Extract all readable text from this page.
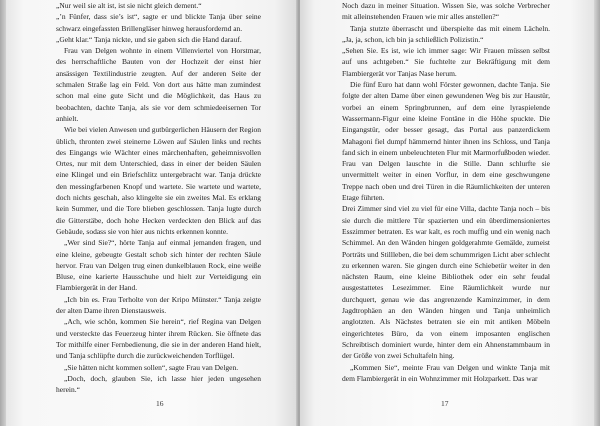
„Nur weil sie alt ist, ist sie nicht gleich dement.“

„’n Fünfer, dass sie’s ist“, sagte er und blickte Tanja über seine schwarz eingefassten Brillengläser hinweg herausfordernd an.

„Geht klar.“ Tanja nickte, und sie gaben sich die Hand darauf.

Frau van Delgen wohnte in einem Villenviertel von Horstmar, des herrschaftliche Bauten von der Hochzeit der einst hier ansässigen Textilindustrie zeugten. Auf der anderen Seite der schmalen Straße lag ein Feld. Von dort aus hätte man zumindest schon mal eine gute Sicht und die Möglichkeit, das Haus zu beobachten, dachte Tanja, als sie vor dem schmiedeeisernen Tor anhielt.

Wie bei vielen Anwesen und gutbürgerlichen Häusern der Region üblich, thronten zwei steinerne Löwen auf Säulen links und rechts des Eingangs wie Wächter eines märchenhaften, geheimnisvollen Ortes, nur mit dem Unterschied, dass in einer der beiden Säulen eine Klingel und ein Briefschlitz untergebracht war. Tanja drückte den messingfarbenen Knopf und wartete. Sie wartete und wartete, doch nichts geschah, also klingelte sie ein zweites Mal. Es erklang kein Summer, und die Tore blieben geschlossen. Tanja lugte durch die Gitterstäbe, doch hohe Hecken verdeckten den Blick auf das Gebäude, sodass sie von hier aus nichts erkennen konnte.

„Wer sind Sie?“, hörte Tanja auf einmal jemanden fragen, und eine kleine, gebeugte Gestalt schob sich hinter der rechten Säule hervor. Frau van Delgen trug einen dunkelblauen Rock, eine weiße Bluse, eine karierte Hausschuhe und hielt zur Verteidigung ein Flambiergerät in der Hand.

„Ich bin es. Frau Terholte von der Kripo Münster.“ Tanja zeigte der alten Dame ihren Dienstausweis.

„Ach, wie schön, kommen Sie herein“, rief Regina van Delgen und versteckte das Feuerzeug hinter ihrem Rücken. Sie öffnete das Tor mithilfe einer Fernbedienung, die sie in der anderen Hand hielt, und Tanja schlüpfte durch die zurückweichenden Torflügel.

„Sie hätten nicht kommen sollen“, sagte Frau van Delgen.

„Doch, doch, glauben Sie, ich lasse hier jeden ungesehen herein.“

16

Noch dazu in meiner Situation. Wissen Sie, was solche Verbrecher mit alleinstehenden Frauen wie mir alles anstellen?“

Tanja stutzte überrascht und überspielte das mit einem Lächeln. „Ja, ja, schon, ich bin ja schließlich Polizistin.“

„Sehen Sie. Es ist, wie ich immer sage: Wir Frauen müssen selbst auf uns achtgeben.“ Sie fuchtelte zur Bekräftigung mit dem Flambiergerät vor Tanjas Nase herum.

Die fünf Euro hat dann wohl Förster gewonnen, dachte Tanja. Sie folgte der alten Dame über einen gewundenen Weg bis zur Haustür, vorbei an einem Springbrunnen, auf dem eine lyraspielende Wassermann-Figur eine kleine Fontäne in die Höhe spuckte. Die Eingangstür, oder besser gesagt, das Portal aus panzerdickem Mahagoni fiel dumpf hämmernd hinter ihnen ins Schloss, und Tanja fand sich in einem unbeleuchteten Flur mit Marmorfußboden wieder. Frau van Delgen lauschte in die Stille. Dann schlurfte sie unvermittelt weiter in einen Vorflur, in dem eine geschwungene Treppe nach oben und drei Türen in die Räumlichkeiten der unteren Etage führten.

Drei Zimmer sind viel zu viel für eine Villa, dachte Tanja noch – bis sie durch die mittlere Tür spazierten und ein überdimensioniertes Esszimmer betraten. Es war kalt, es roch muffig und ein wenig nach Schimmel. An den Wänden hingen goldgerahmte Gemälde, zumeist Porträts und Stillleben, die bei dem schummrigen Licht aber schlecht zu erkennen waren. Sie gingen durch eine Schiebetür weiter in den nächsten Raum, eine kleine Bibliothek oder ein sehr feudal ausgestattetes Lesezimmer. Eine Räumlichkeit wurde nur durchquert, genau wie das angrenzende Kaminzimmer, in dem Jagdtrophäen an den Wänden hingen und Tanja unheimlich anglotzten. Als Nächstes betraten sie ein mit antiken Möbeln eingerichtetes Büro, da von einem imposanten englischen Schreibtisch dominiert wurde, hinter dem ein Ahnenstammbaum in der Größe von zwei Schultafeln hing.

„Kommen Sie“, meinte Frau van Delgen und winkte Tanja mit dem Flambiergerät in ein Wohnzimmer mit Holzparkett. Das war

17
